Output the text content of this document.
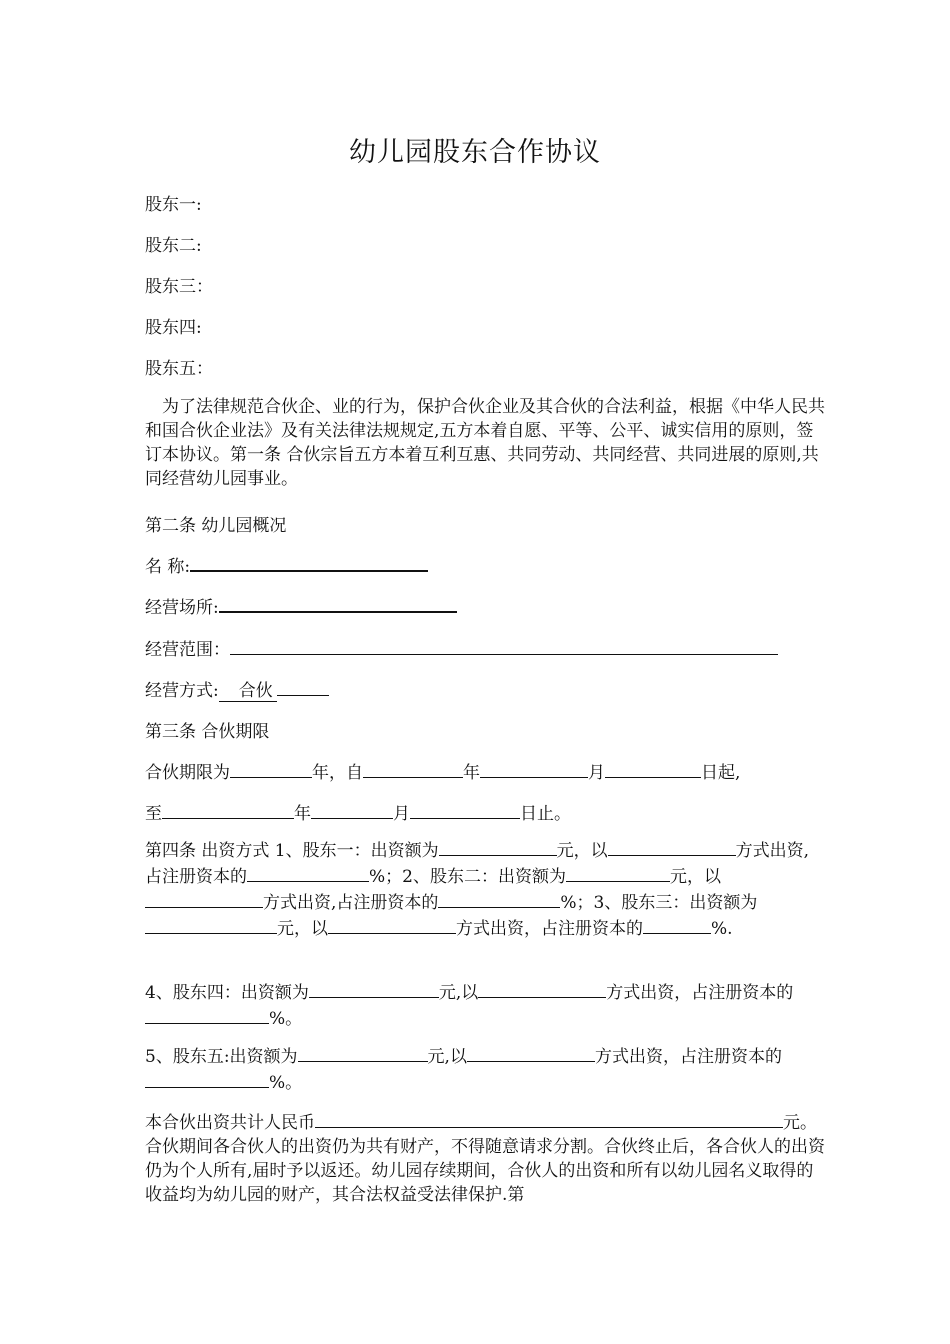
幼儿园股东合作协议
股东一:
股东二:
股东三：
股东四:
股东五：
为了法律规范合伙企、业的行为，保护合伙企业及其合伙的合法利益，根据《中华人民共和国合伙企业法》及有关法律法规规定,五方本着自愿、平等、公平、诚实信用的原则，签订本协议。第一条 合伙宗旨五方本着互利互惠、共同劳动、共同经营、共同进展的原则,共同经营幼儿园事业。
第二条 幼儿园概况
名 称:
经营场所:
经营范围：
经营方式: 合伙
第三条 合伙期限
合伙期限为	年，自	年	月	日起,
至	年	月	日止。
第四条 出资方式 1、股东一：出资额为	元，以	方式出资,占注册资本的	%；2、股东二：出资额为	元，以方式出资,占注册资本的	%；3、股东三：出资额为元，以	方式出资，占注册资本的	%.
4、股东四：出资额为	元,以	方式出资，占注册资本的%。
5、股东五:出资额为	元,以	方式出资，占注册资本的%。
本合伙出资共计人民币	元。合伙期间各合伙人的出资仍为共有财产，不得随意请求分割。合伙终止后，各合伙人的出资仍为个人所有,届时予以返还。幼儿园存续期间，合伙人的出资和所有以幼儿园名义取得的收益均为幼儿园的财产，其合法权益受法律保护.第
